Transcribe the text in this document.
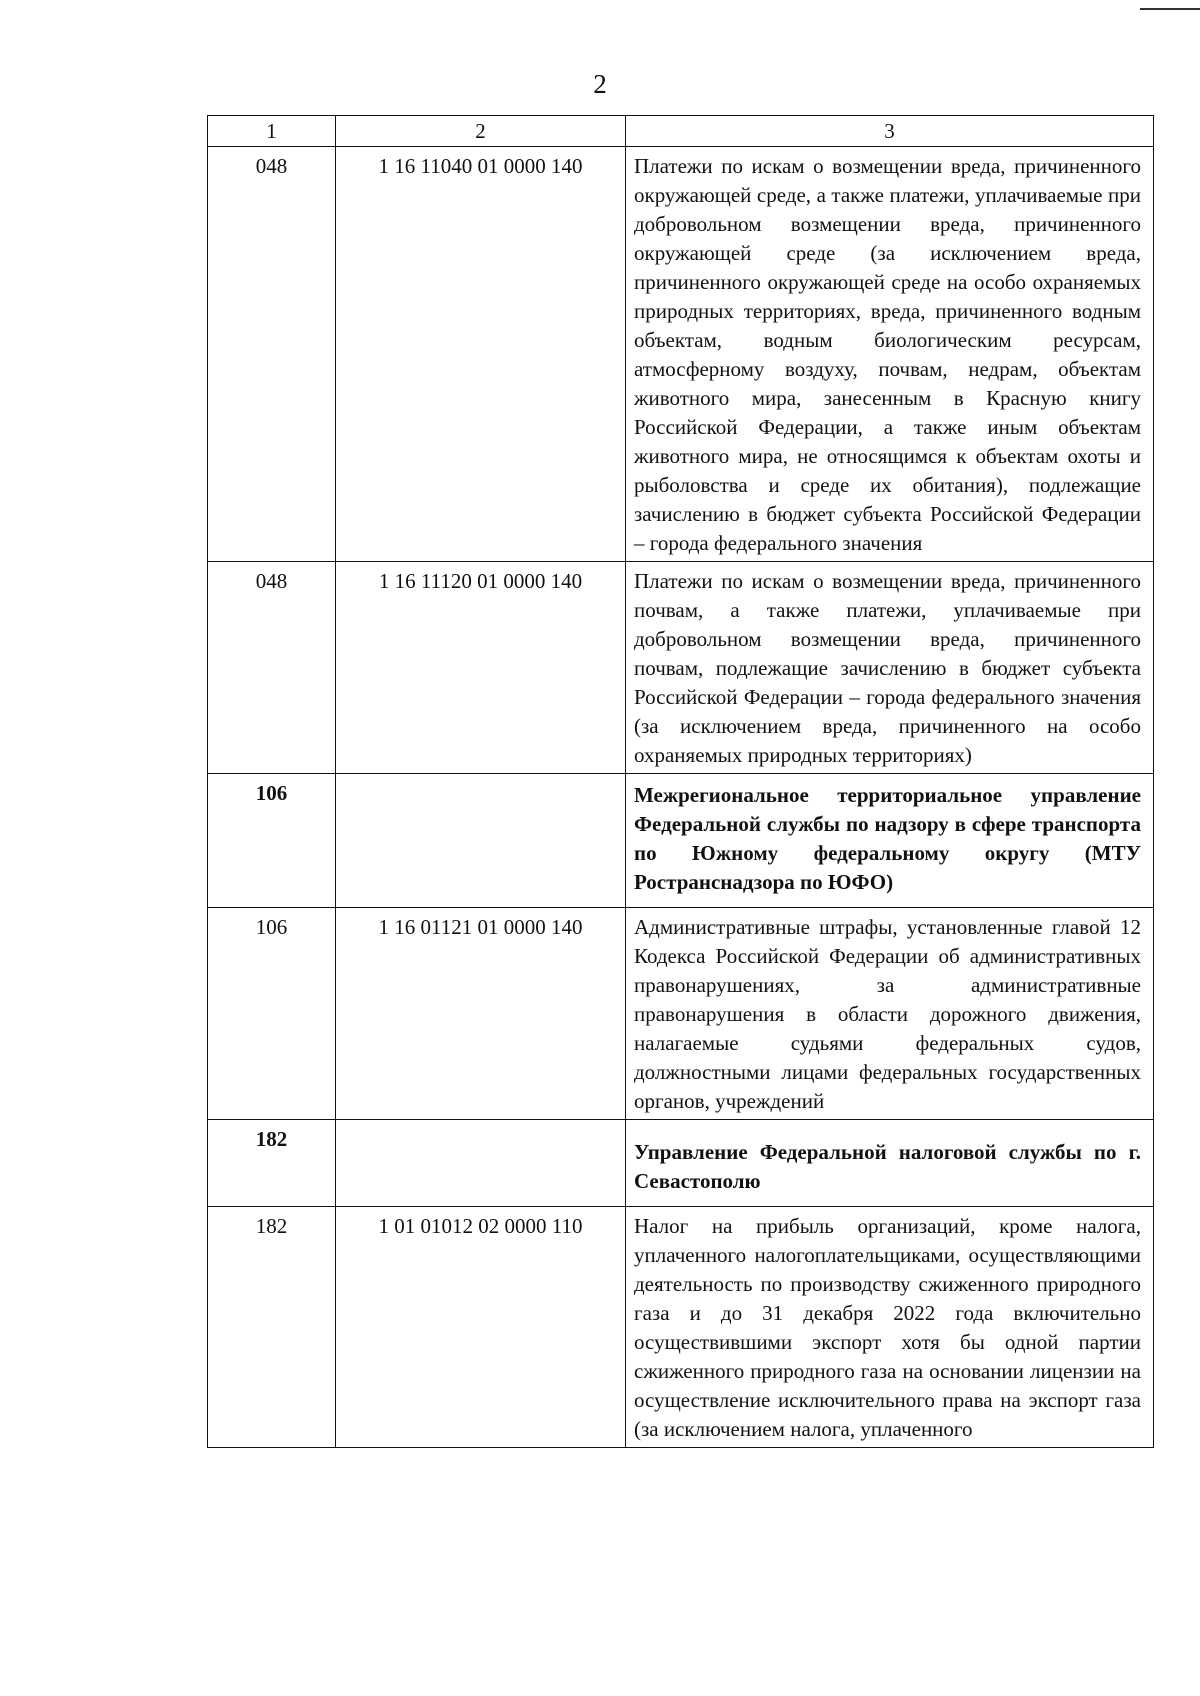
2
1	2	3
048	1 16 11040 01 0000 140	Платежи по искам о возмещении вреда, причиненного окружающей среде, а также платежи, уплачиваемые при добровольном возмещении вреда, причиненного окружающей среде (за исключением вреда, причиненного окружающей среде на особо охраняемых природных территориях, вреда, причиненного водным объектам, водным биологическим ресурсам, атмосферному воздуху, почвам, недрам, объектам животного мира, занесенным в Красную книгу Российской Федерации, а также иным объектам животного мира, не относящимся к объектам охоты и рыболовства и среде их обитания), подлежащие зачислению в бюджет субъекта Российской Федерации – города федерального значения
048	1 16 11120 01 0000 140	Платежи по искам о возмещении вреда, причиненного почвам, а также платежи, уплачиваемые при добровольном возмещении вреда, причиненного почвам, подлежащие зачислению в бюджет субъекта Российской Федерации – города федерального значения (за исключением вреда, причиненного на особо охраняемых природных территориях)
106		Межрегиональное территориальное управление Федеральной службы по надзору в сфере транспорта по Южному федеральному округу (МТУ Ространснадзора по ЮФО)
106	1 16 01121 01 0000 140	Административные штрафы, установленные главой 12 Кодекса Российской Федерации об административных правонарушениях, за административные правонарушения в области дорожного движения, налагаемые судьями федеральных судов, должностными лицами федеральных государственных органов, учреждений
182		Управление Федеральной налоговой службы по г. Севастополю
182	1 01 01012 02 0000 110	Налог на прибыль организаций, кроме налога, уплаченного налогоплательщиками, осуществляющими деятельность по производству сжиженного природного газа и до 31 декабря 2022 года включительно осуществившими экспорт хотя бы одной партии сжиженного природного газа на основании лицензии на осуществление исключительного права на экспорт газа (за исключением налога, уплаченного
